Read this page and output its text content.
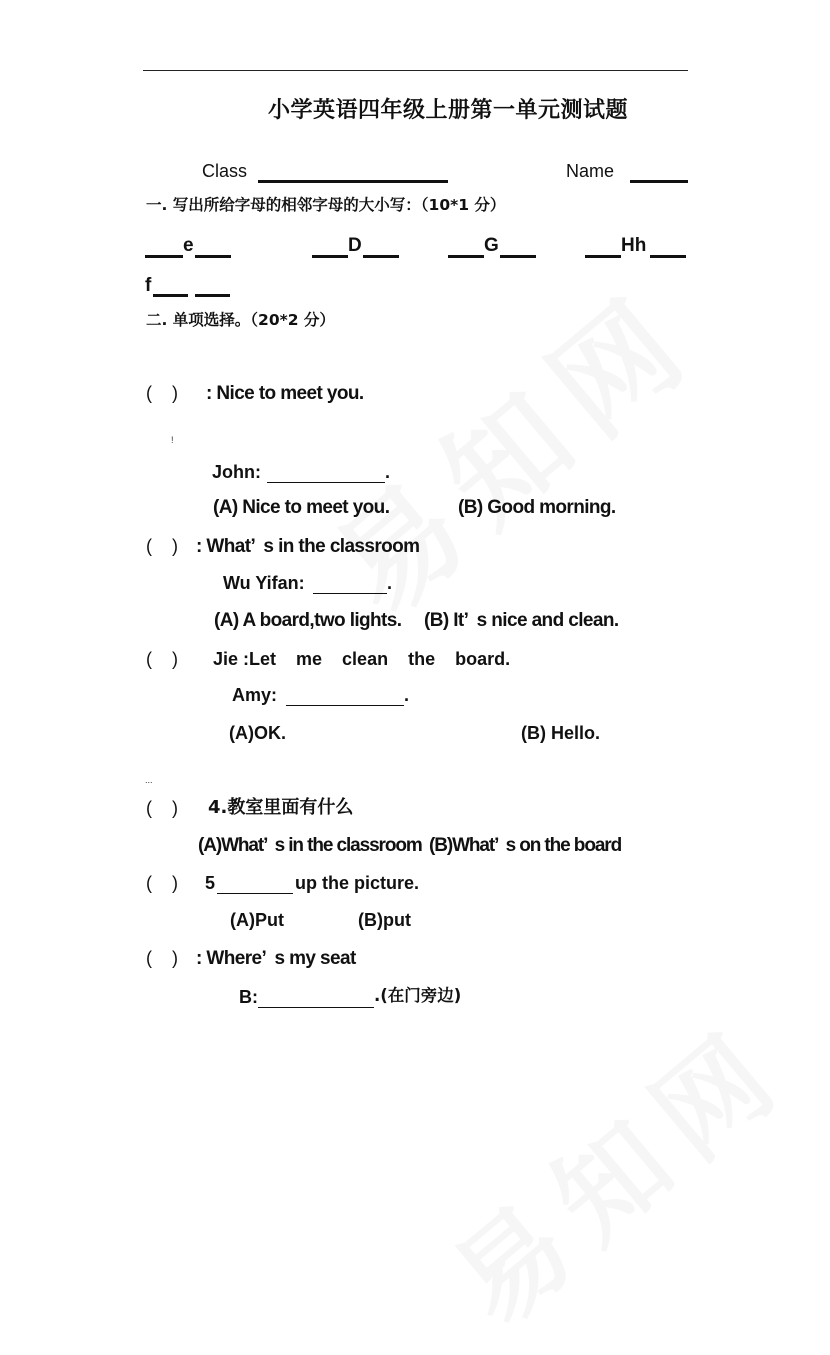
小学英语四年级上册第一单元测试题
Class	Name
一. 写出所给字母的相邻字母的大小写：（10*1 分）
e	D	G	Hh
f
二. 单项选择。（20*2 分）
(    ) : Nice to meet you.
!
John:	.
(A) Nice to meet you.	(B) Good morning.
(    ) : What’  s in the classroom
Wu Yifan:	.
(A) A board,two lights. (B) It’  s nice and clean.
(    ) Jie :Let    me    clean    the    board.
Amy:	.
(A)OK.	(B) Hello.
...
(    ) 4.教室里面有什么
(A)What’  s in the classroom (B)What’  s on the board
(    ) 5	up the picture.
(A)Put	(B)put
(    ) : Where’  s my seat
B:	.(在门旁边)
